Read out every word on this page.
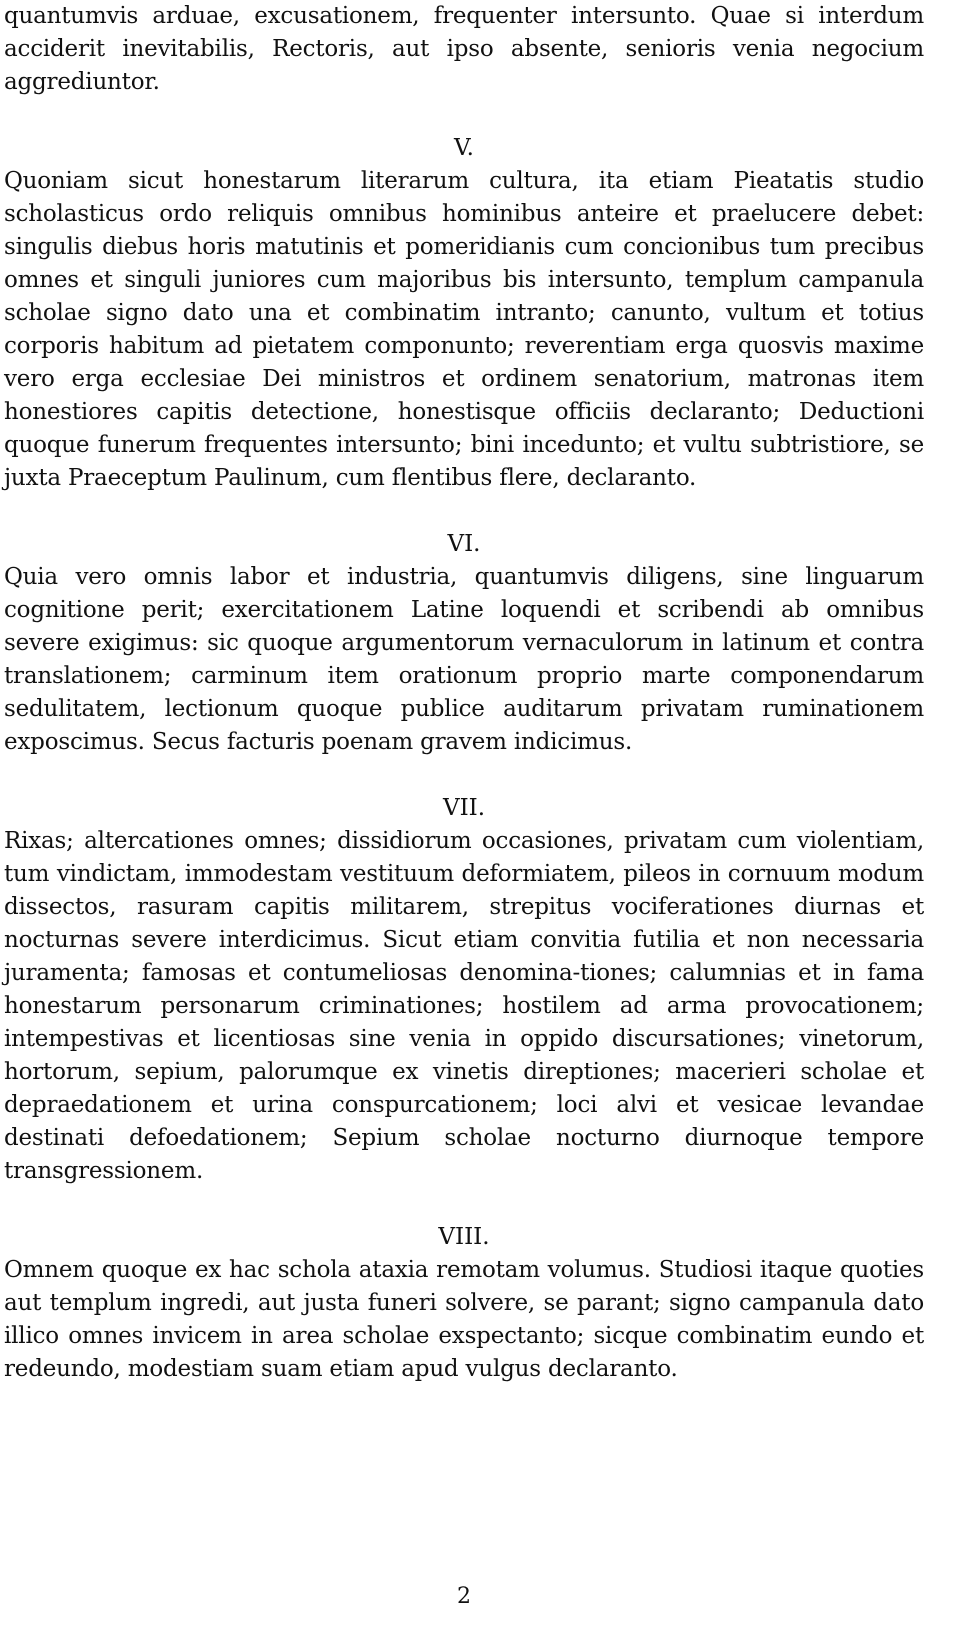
quantumvis arduae, excusationem, frequenter intersunto. Quae si interdum acciderit inevitabilis, Rectoris, aut ipso absente, senioris venia negocium aggrediuntor.

V.

Quoniam sicut honestarum literarum cultura, ita etiam Pieatatis studio scholasticus ordo reliquis omnibus hominibus anteire et praelucere debet: singulis diebus horis matutinis et pomeridianis cum concionibus tum precibus omnes et singuli juniores cum majoribus bis intersunto, templum campanula scholae signo dato una et combinatim intranto; canunto, vultum et totius corporis habitum ad pietatem componunto; reverentiam erga quosvis maxime vero erga ecclesiae Dei ministros et ordinem senatorium, matronas item honestiores capitis detectione, honestisque officiis declaranto; Deductioni quoque funerum frequentes intersunto; bini incedunto; et vultu subtristiore, se juxta Praeceptum Paulinum, cum flentibus flere, declaranto.

VI.

Quia vero omnis labor et industria, quantumvis diligens, sine linguarum cognitione perit; exercitationem Latine loquendi et scribendi ab omnibus severe exigimus: sic quoque argumentorum vernaculorum in latinum et contra translationem; carminum item orationum proprio marte componendarum sedulitatem, lectionum quoque publice auditarum privatam ruminationem exposcimus. Secus facturis poenam gravem indicimus.

VII.

Rixas; altercationes omnes; dissidiorum occasiones, privatam cum violentiam, tum vindictam, immodestam vestituum deformiatem, pileos in cornuum modum dissectos, rasuram capitis militarem, strepitus vociferationes diurnas et nocturnas severe interdicimus. Sicut etiam convitia futilia et non necessaria juramenta; famosas et contumeliosas denomina-tiones; calumnias et in fama honestarum personarum criminationes; hostilem ad arma provocationem; intempestivas et licentiosas sine venia in oppido discursationes; vinetorum, hortorum, sepium, palorumque ex vinetis direptiones; macerieri scholae et depraedationem et urina conspurcationem; loci alvi et vesicae levandae destinati defoedationem; Sepium scholae nocturno diurnoque tempore transgressionem.

VIII.

Omnem quoque ex hac schola ataxia remotam volumus. Studiosi itaque quoties aut templum ingredi, aut justa funeri solvere, se parant; signo campanula dato illico omnes invicem in area scholae exspectanto; sicque combinatim eundo et redeundo, modestiam suam etiam apud vulgus declaranto.

2
